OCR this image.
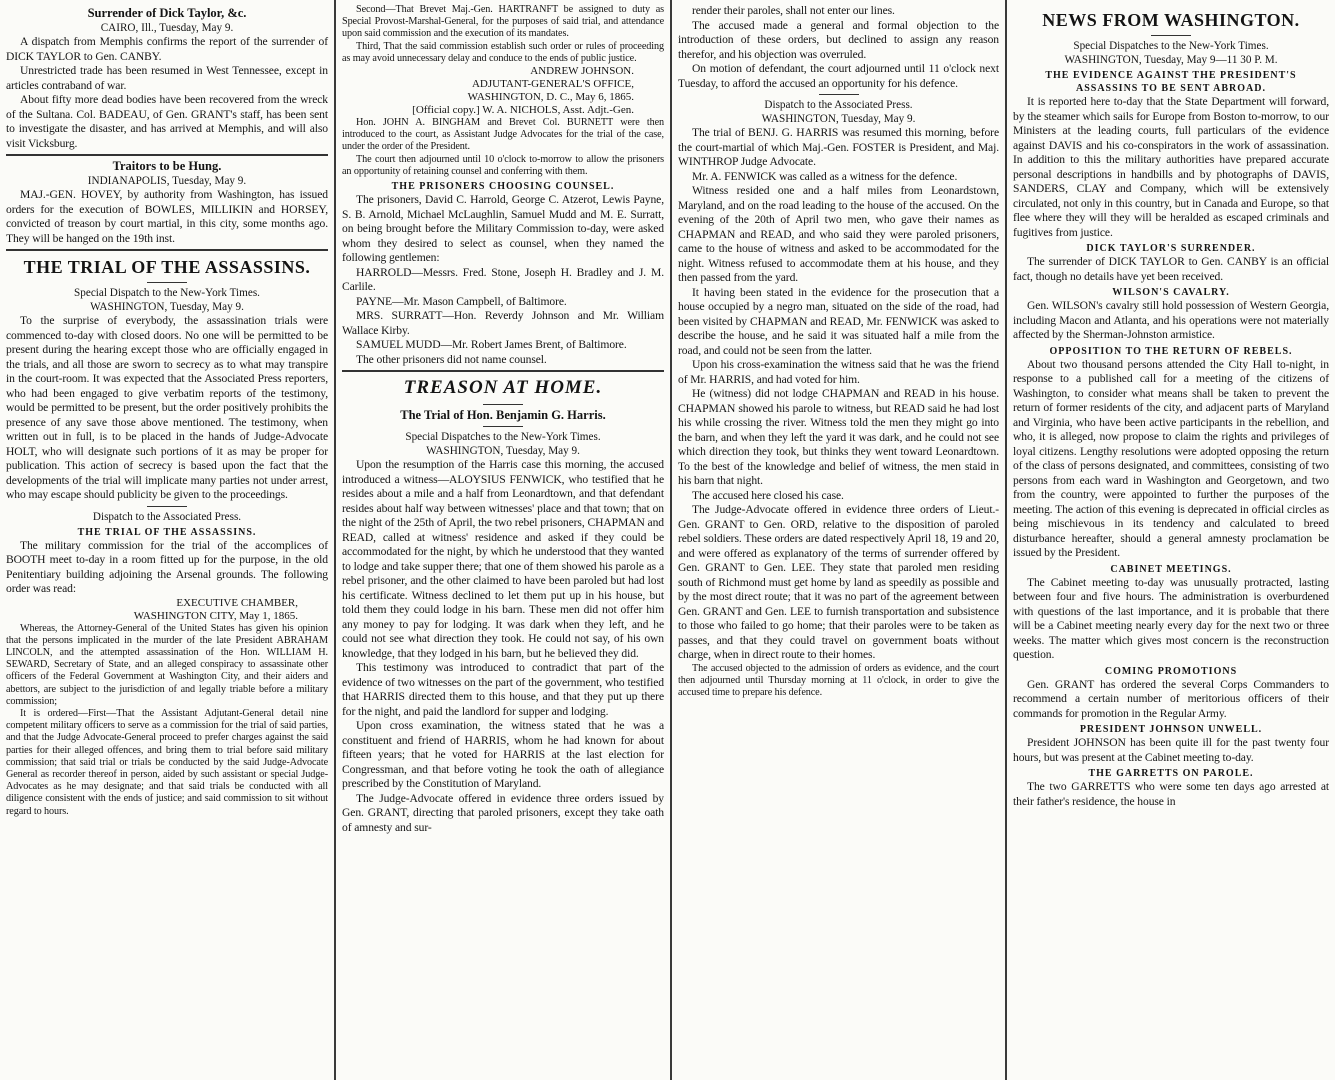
Surrender of Dick Taylor, &c.
CAIRO, Ill., Tuesday, May 9.

A dispatch from Memphis confirms the report of the surrender of DICK TAYLOR to Gen. CANBY.

Unrestricted trade has been resumed in West Tennessee, except in articles contraband of war.

About fifty more dead bodies have been recovered from the wreck of the Sultana. Col. BADEAU, of Gen. GRANT's staff, has been sent to investigate the disaster, and has arrived at Memphis, and will also visit Vicksburg.

Traitors to be Hung.
INDIANAPOLIS, Tuesday, May 9.

MAJ.-GEN. HOVEY, by authority from Washington, has issued orders for the execution of BOWLES, MILLIKIN and HORSEY, convicted of treason by court martial, in this city, some months ago. They will be hanged on the 19th inst.

THE TRIAL OF THE ASSASSINS.
Special Dispatch to the New-York Times.
WASHINGTON, Tuesday, May 9.

To the surprise of everybody, the assassination trials were commenced to-day with closed doors. No one will be permitted to be present during the hearing except those who are officially engaged in the trials, and all those are sworn to secrecy as to what may transpire in the court-room. It was expected that the Associated Press reporters, who had been engaged to give verbatim reports of the testimony, would be permitted to be present, but the order positively prohibits the presence of any save those above mentioned. The testimony, when written out in full, is to be placed in the hands of Judge-Advocate HOLT, who will designate such portions of it as may be proper for publication. This action of secrecy is based upon the fact that the developments of the trial will implicate many parties not under arrest, who may escape should publicity be given to the proceedings.

Dispatch to the Associated Press.
THE TRIAL OF THE ASSASSINS.

The military commission for the trial of the accomplices of BOOTH meet to-day in a room fitted up for the purpose, in the old Penitentiary building adjoining the Arsenal grounds. The following order was read:

EXECUTIVE CHAMBER,
WASHINGTON CITY, May 1, 1865.

Whereas, the Attorney-General of the United States has given his opinion that the persons implicated in the murder of the late President ABRAHAM LINCOLN, and the attempted assassination of the Hon. WILLIAM H. SEWARD, Secretary of State, and an alleged conspiracy to assassinate other officers of the Federal Government at Washington City, and their aiders and abettors, are subject to the jurisdiction of and legally triable before a military commission;

It is ordered—First—That the Assistant Adjutant-General detail nine competent military officers to serve as a commission for the trial of said parties, and that the Judge Advocate-General proceed to prefer charges against the said parties for their alleged offences, and bring them to trial before said military commission; that said trial or trials be conducted by the said Judge-Advocate General as recorder thereof in person, aided by such assistant or special Judge-Advocates as he may designate; and that said trials be conducted with all diligence consistent with the ends of justice; and said commission to sit without regard to hours.

Second—That Brevet Maj.-Gen. HARTRANFT be assigned to duty as Special Provost-Marshal-General, for the purposes of said trial, and attendance upon said commission and the execution of its mandates.

Third, That the said commission establish such order or rules of proceeding as may avoid unnecessary delay and conduce to the ends of public justice.

ANDREW JOHNSON.
ADJUTANT-GENERAL'S OFFICE,
WASHINGTON, D. C., May 6, 1865.
[Official copy.] W. A. NICHOLS, Asst. Adjt.-Gen.

Hon. JOHN A. BINGHAM and Brevet Col. BURNETT were then introduced to the court, as Assistant Judge Advocates for the trial of the case, under the order of the President.

The court then adjourned until 10 o'clock to-morrow to allow the prisoners an opportunity of retaining counsel and conferring with them.

THE PRISONERS CHOOSING COUNSEL.

The prisoners, David C. Harrold, George C. Atzerot, Lewis Payne, S. B. Arnold, Michael McLaughlin, Samuel Mudd and M. E. Surratt, on being brought before the Military Commission to-day, were asked whom they desired to select as counsel, when they named the following gentlemen:

HARROLD—Messrs. Fred. Stone, Joseph H. Bradley and J. M. Carlile.

PAYNE—Mr. Mason Campbell, of Baltimore.

MRS. SURRATT—Hon. Reverdy Johnson and Mr. William Wallace Kirby.

SAMUEL MUDD—Mr. Robert James Brent, of Baltimore.

The other prisoners did not name counsel.

TREASON AT HOME.
The Trial of Hon. Benjamin G. Harris.
Special Dispatches to the New-York Times.
WASHINGTON, Tuesday, May 9.

Upon the resumption of the Harris case this morning, the accused introduced a witness—ALOYSIUS FENWICK, who testified that he resides about a mile and a half from Leonardtown, and that defendant resides about half way between witnesses' place and that town; that on the night of the 25th of April, the two rebel prisoners, CHAPMAN and READ, called at witness' residence and asked if they could be accommodated for the night, by which he understood that they wanted to lodge and take supper there; that one of them showed his parole as a rebel prisoner, and the other claimed to have been paroled but had lost his certificate. Witness declined to let them put up in his house, but told them they could lodge in his barn. These men did not offer him any money to pay for lodging. It was dark when they left, and he could not see what direction they took. He could not say, of his own knowledge, that they lodged in his barn, but he believed they did.

This testimony was introduced to contradict that part of the evidence of two witnesses on the part of the government, who testified that HARRIS directed them to this house, and that they put up there for the night, and paid the landlord for supper and lodging.

Upon cross examination, the witness stated that he was a constituent and friend of HARRIS, whom he had known for about fifteen years; that he voted for HARRIS at the last election for Congressman, and that before voting he took the oath of allegiance prescribed by the Constitution of Maryland.

The Judge-Advocate offered in evidence three orders issued by Gen. GRANT, directing that paroled prisoners, except they take oath of amnesty and sur-

render their paroles, shall not enter our lines.

The accused made a general and formal objection to the introduction of these orders, but declined to assign any reason therefor, and his objection was overruled.

On motion of defendant, the court adjourned until 11 o'clock next Tuesday, to afford the accused an opportunity for his defence.

Dispatch to the Associated Press.
WASHINGTON, Tuesday, May 9.

The trial of BENJ. G. HARRIS was resumed this morning, before the court-martial of which Maj.-Gen. FOSTER is President, and Maj. WINTHROP Judge Advocate.

Mr. A. FENWICK was called as a witness for the defence.

Witness resided one and a half miles from Leonardstown, Maryland, and on the road leading to the house of the accused. On the evening of the 20th of April two men, who gave their names as CHAPMAN and READ, and who said they were paroled prisoners, came to the house of witness and asked to be accommodated for the night. Witness refused to accommodate them at his house, and they then passed from the yard.

It having been stated in the evidence for the prosecution that a house occupied by a negro man, situated on the side of the road, had been visited by CHAPMAN and READ, Mr. FENWICK was asked to describe the house, and he said it was situated half a mile from the road, and could not be seen from the latter.

Upon his cross-examination the witness said that he was the friend of Mr. HARRIS, and had voted for him.

He (witness) did not lodge CHAPMAN and READ in his house. CHAPMAN showed his parole to witness, but READ said he had lost his while crossing the river. Witness told the men they might go into the barn, and when they left the yard it was dark, and he could not see which direction they took, but thinks they went toward Leonardtown. To the best of the knowledge and belief of witness, the men staid in his barn that night.

The accused here closed his case.

The Judge-Advocate offered in evidence three orders of Lieut.-Gen. GRANT to Gen. ORD, relative to the disposition of paroled rebel soldiers. These orders are dated respectively April 18, 19 and 20, and were offered as explanatory of the terms of surrender offered by Gen. GRANT to Gen. LEE. They state that paroled men residing south of Richmond must get home by land as speedily as possible and by the most direct route; that it was no part of the agreement between Gen. GRANT and Gen. LEE to furnish transportation and subsistence to those who failed to go home; that their paroles were to be taken as passes, and that they could travel on government boats without charge, when in direct route to their homes.

The accused objected to the admission of orders as evidence, and the court then adjourned until Thursday morning at 11 o'clock, in order to give the accused time to prepare his defence.

NEWS FROM WASHINGTON.
Special Dispatches to the New-York Times.
WASHINGTON, Tuesday, May 9—11 30 P. M.
THE EVIDENCE AGAINST THE PRESIDENT'S ASSASSINS TO BE SENT ABROAD.

It is reported here to-day that the State Department will forward, by the steamer which sails for Europe from Boston to-morrow, to our Ministers at the leading courts, full particulars of the evidence against DAVIS and his co-conspirators in the work of assassination. In addition to this the military authorities have prepared accurate personal descriptions in handbills and by photographs of DAVIS, SANDERS, CLAY and Company, which will be extensively circulated, not only in this country, but in Canada and Europe, so that flee where they will they will be heralded as escaped criminals and fugitives from justice.

DICK TAYLOR'S SURRENDER.

The surrender of DICK TAYLOR to Gen. CANBY is an official fact, though no details have yet been received.

WILSON'S CAVALRY.

Gen. WILSON's cavalry still hold possession of Western Georgia, including Macon and Atlanta, and his operations were not materially affected by the Sherman-Johnston armistice.

OPPOSITION TO THE RETURN OF REBELS.

About two thousand persons attended the City Hall to-night, in response to a published call for a meeting of the citizens of Washington, to consider what means shall be taken to prevent the return of former residents of the city, and adjacent parts of Maryland and Virginia, who have been active participants in the rebellion, and who, it is alleged, now propose to claim the rights and privileges of loyal citizens. Lengthy resolutions were adopted opposing the return of the class of persons designated, and committees, consisting of two persons from each ward in Washington and Georgetown, and two from the country, were appointed to further the purposes of the meeting. The action of this evening is deprecated in official circles as being mischievous in its tendency and calculated to breed disturbance hereafter, should a general amnesty proclamation be issued by the President.

CABINET MEETINGS.

The Cabinet meeting to-day was unusually protracted, lasting between four and five hours. The administration is overburdened with questions of the last importance, and it is probable that there will be a Cabinet meeting nearly every day for the next two or three weeks. The matter which gives most concern is the reconstruction question.

COMING PROMOTIONS

Gen. GRANT has ordered the several Corps Commanders to recommend a certain number of meritorious officers of their commands for promotion in the Regular Army.

PRESIDENT JOHNSON UNWELL.

President JOHNSON has been quite ill for the past twenty four hours, but was present at the Cabinet meeting to-day.

THE GARRETTS ON PAROLE.

The two GARRETTS who were some ten days ago arrested at their father's residence, the house in
